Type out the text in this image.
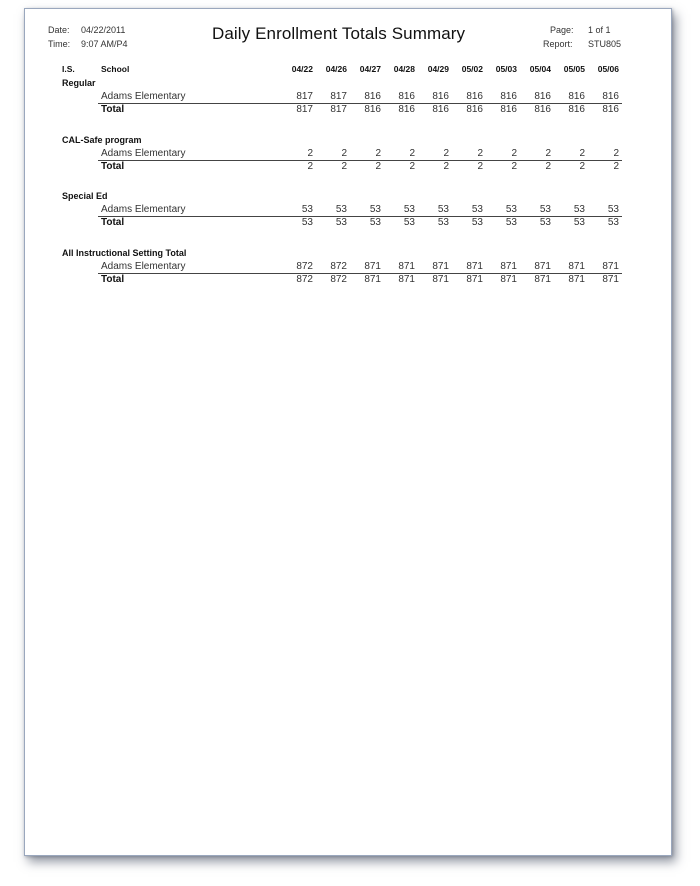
Date: 04/22/2011
Time: 9:07 AM/P4
Daily Enrollment Totals Summary	Page: 1 of 1
Report: STU805
I.S.	School	04/22	04/26	04/27	04/28	04/29	05/02	05/03	05/04	05/05	05/06
Regular
Adams Elementary	817	817	816	816	816	816	816	816	816	816
Total	817	817	816	816	816	816	816	816	816	816
CAL-Safe program
Adams Elementary	2	2	2	2	2	2	2	2	2	2
Total	2	2	2	2	2	2	2	2	2	2
Special Ed
Adams Elementary	53	53	53	53	53	53	53	53	53	53
Total	53	53	53	53	53	53	53	53	53	53
All Instructional Setting Total
Adams Elementary	872	872	871	871	871	871	871	871	871	871
Total	872	872	871	871	871	871	871	871	871	871
